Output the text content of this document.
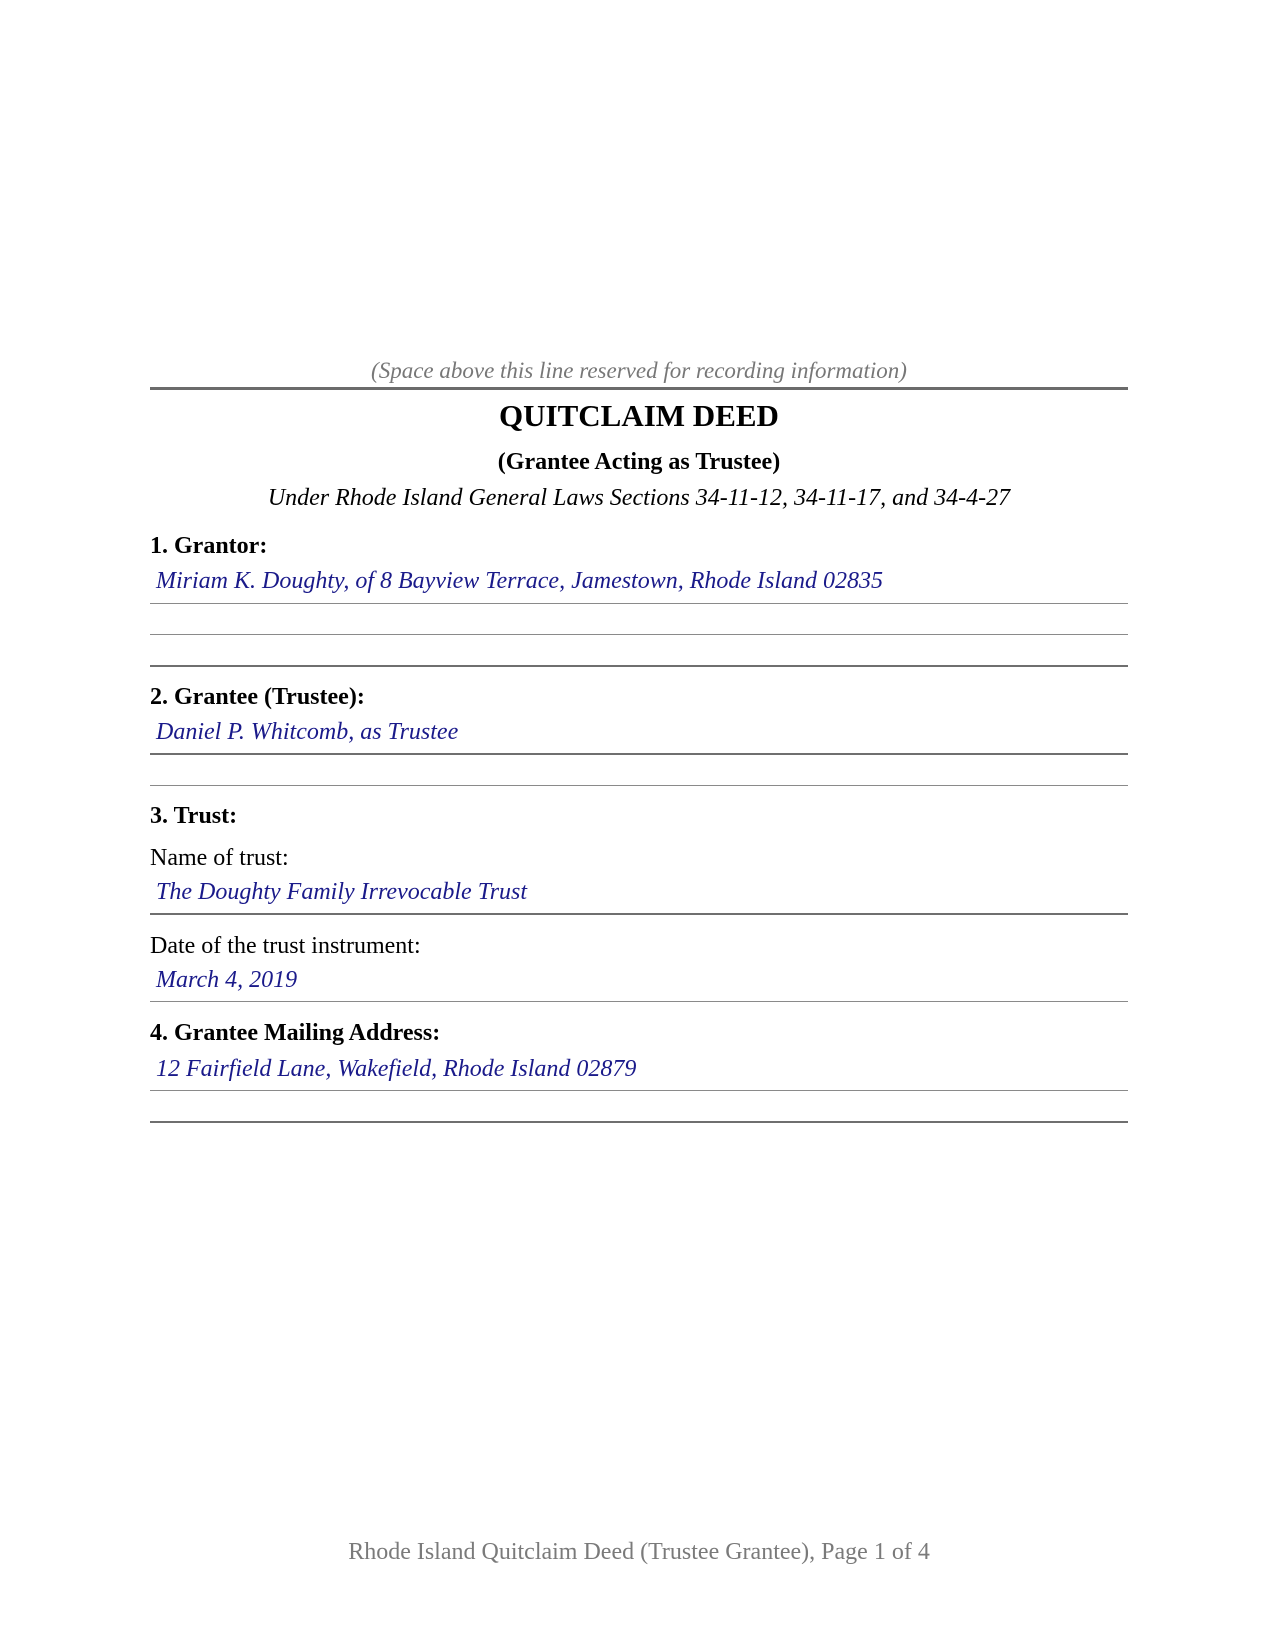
(Space above this line reserved for recording information)
QUITCLAIM DEED
(Grantee Acting as Trustee)
Under Rhode Island General Laws Sections 34-11-12, 34-11-17, and 34-4-27
1. Grantor:
Miriam K. Doughty, of 8 Bayview Terrace, Jamestown, Rhode Island 02835
2. Grantee (Trustee):
Daniel P. Whitcomb, as Trustee
3. Trust:
Name of trust:
The Doughty Family Irrevocable Trust
Date of the trust instrument:
March 4, 2019
4. Grantee Mailing Address:
12 Fairfield Lane, Wakefield, Rhode Island 02879
Rhode Island Quitclaim Deed (Trustee Grantee), Page 1 of 4
